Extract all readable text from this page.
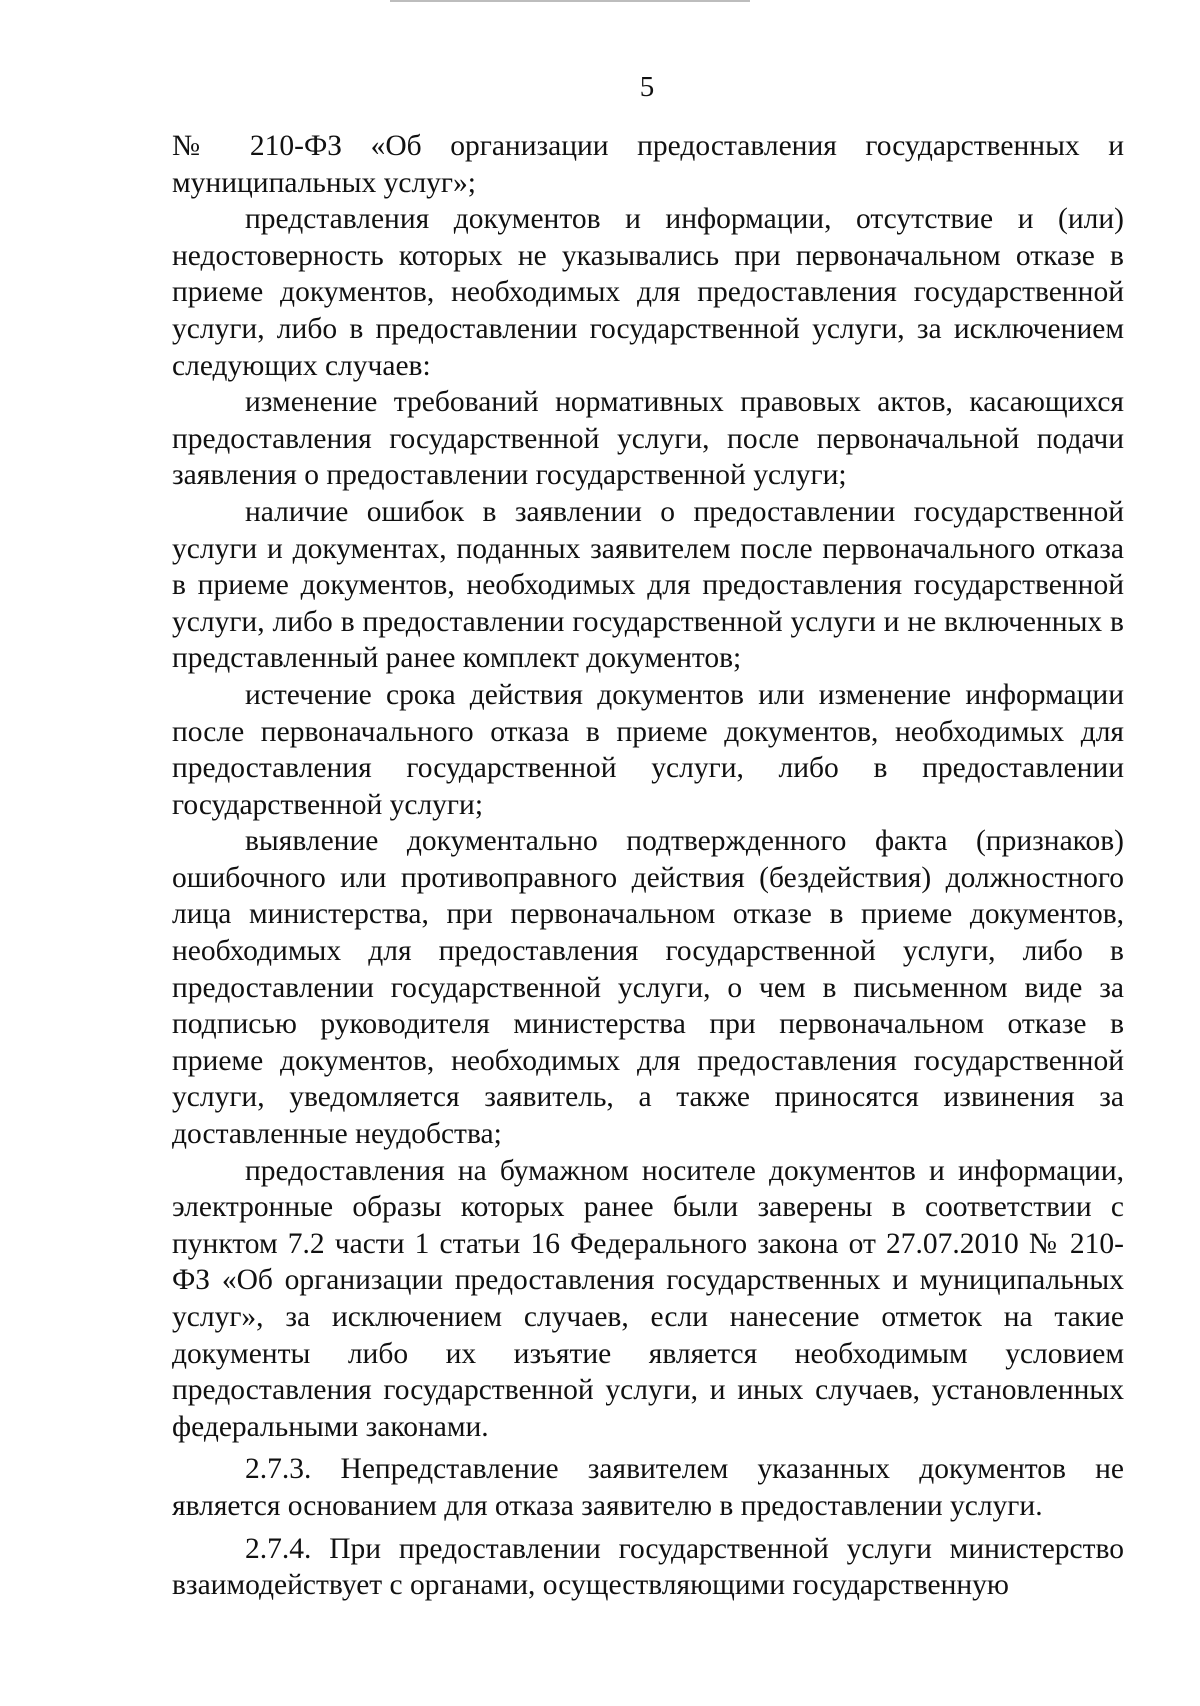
5

№ 210-ФЗ «Об организации предоставления государственных и муниципальных услуг»;

представления документов и информации, отсутствие и (или) недостоверность которых не указывались при первоначальном отказе в приеме документов, необходимых для предоставления государственной услуги, либо в предоставлении государственной услуги, за исключением следующих случаев:

изменение требований нормативных правовых актов, касающихся предоставления государственной услуги, после первоначальной подачи заявления о предоставлении государственной услуги;

наличие ошибок в заявлении о предоставлении государственной услуги и документах, поданных заявителем после первоначального отказа в приеме документов, необходимых для предоставления государственной услуги, либо в предоставлении государственной услуги и не включенных в представленный ранее комплект документов;

истечение срока действия документов или изменение информации после первоначального отказа в приеме документов, необходимых для предоставления государственной услуги, либо в предоставлении государственной услуги;

выявление документально подтвержденного факта (признаков) ошибочного или противоправного действия (бездействия) должностного лица министерства, при первоначальном отказе в приеме документов, необходимых для предоставления государственной услуги, либо в предоставлении государственной услуги, о чем в письменном виде за подписью руководителя министерства при первоначальном отказе в приеме документов, необходимых для предоставления государственной услуги, уведомляется заявитель, а также приносятся извинения за доставленные неудобства;

предоставления на бумажном носителе документов и информации, электронные образы которых ранее были заверены в соответствии с пунктом 7.2 части 1 статьи 16 Федерального закона от 27.07.2010 № 210-ФЗ «Об организации предоставления государственных и муниципальных услуг», за исключением случаев, если нанесение отметок на такие документы либо их изъятие является необходимым условием предоставления государственной услуги, и иных случаев, установленных федеральными законами.

2.7.3. Непредставление заявителем указанных документов не является основанием для отказа заявителю в предоставлении услуги.

2.7.4. При предоставлении государственной услуги министерство взаимодействует с органами, осуществляющими государственную
